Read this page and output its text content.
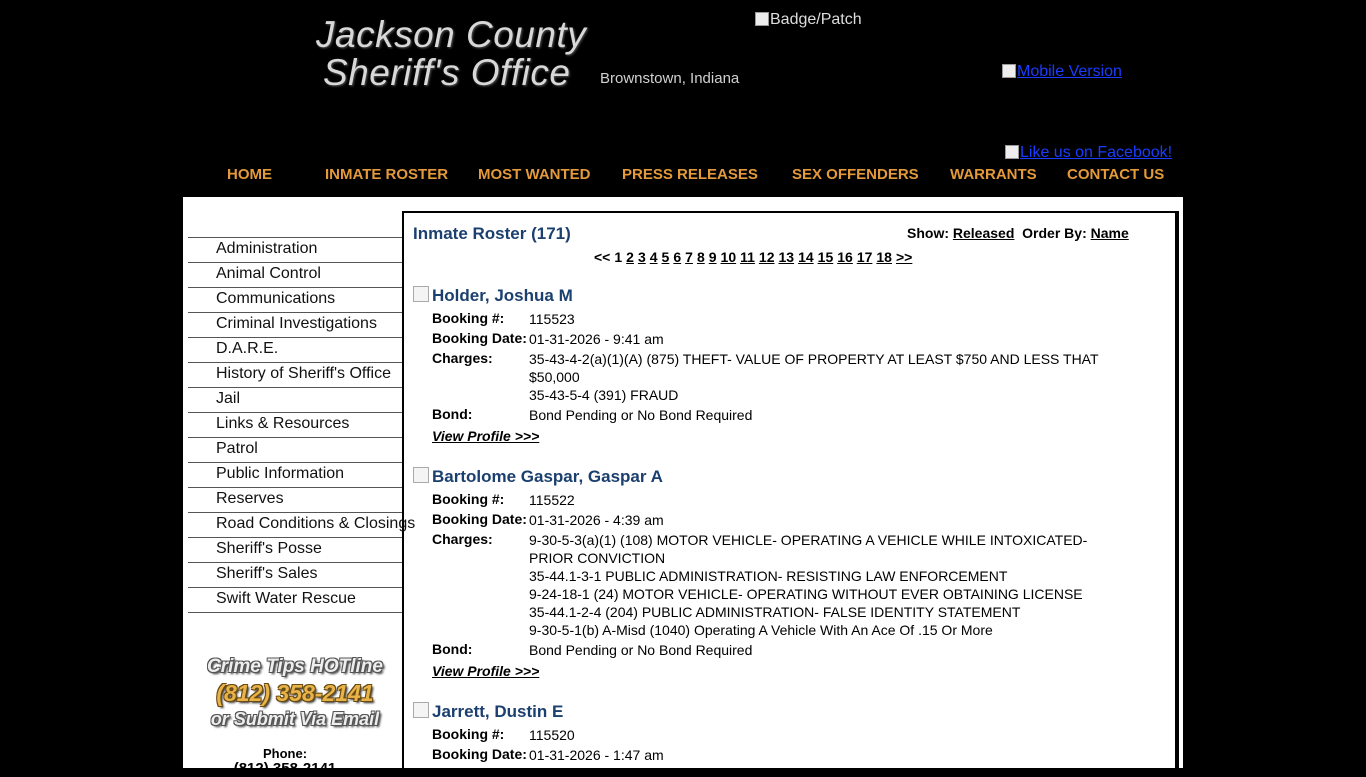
Jackson County
Sheriff's Office Brownstown, Indiana
Badge/Patch
Mobile Version
Like us on Facebook!
HOME	INMATE ROSTER MOST WANTED PRESS RELEASES SEX OFFENDERS WARRANTS CONTACT US
Administration
Animal Control
Communications
Criminal Investigations
D.A.R.E.
History of Sheriff's Office
Jail
Links & Resources
Patrol
Public Information
Reserves
Road Conditions & Closings
Sheriff's Posse
Sheriff's Sales
Swift Water Rescue
Crime Tips HOTline
(812) 358-2141
or Submit Via Email
Phone:
(812) 358-2141
Inmate Roster (171)	Show: Released Order By: Name
<< 1 2 3 4 5 6 7 8 9 10 11 12 13 14 15 16 17 18 >>
Holder, Joshua M
Booking #: 115523
Booking Date: 01-31-2026 - 9:41 am
Charges:	35-43-4-2(a)(1)(A) (875) THEFT- VALUE OF PROPERTY AT LEAST $750 AND LESS THAT $50,000
35-43-5-4 (391) FRAUD
Bond:	Bond Pending or No Bond Required
View Profile >>>
Bartolome Gaspar, Gaspar A
Booking #: 115522
Booking Date: 01-31-2026 - 4:39 am
Charges:	9-30-5-3(a)(1) (108) MOTOR VEHICLE- OPERATING A VEHICLE WHILE INTOXICATED- PRIOR CONVICTION
35-44.1-3-1 PUBLIC ADMINISTRATION- RESISTING LAW ENFORCEMENT
9-24-18-1 (24) MOTOR VEHICLE- OPERATING WITHOUT EVER OBTAINING LICENSE
35-44.1-2-4 (204) PUBLIC ADMINISTRATION- FALSE IDENTITY STATEMENT
9-30-5-1(b) A-Misd (1040) Operating A Vehicle With An Ace Of .15 Or More
Bond:	Bond Pending or No Bond Required
View Profile >>>
Jarrett, Dustin E
Booking #: 115520
Booking Date: 01-31-2026 - 1:47 am
